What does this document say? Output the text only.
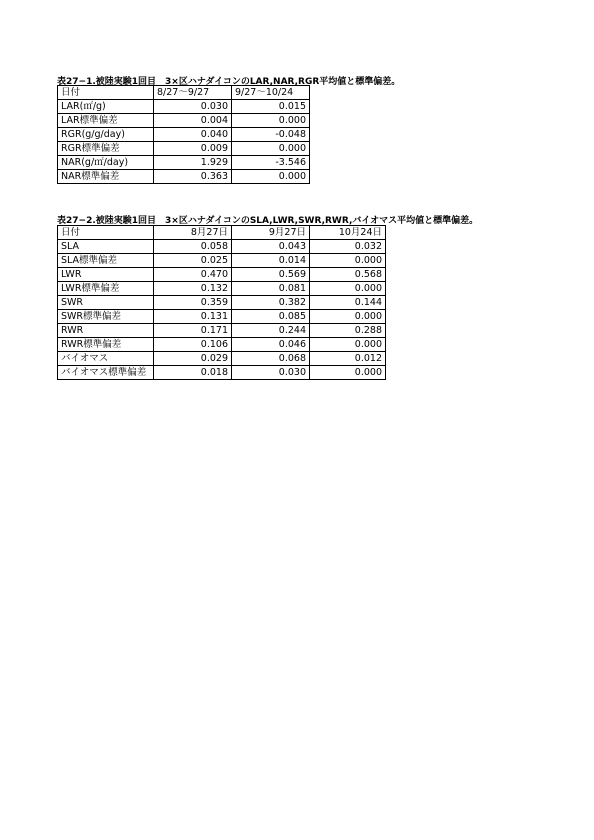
表27−1.被陸実験1回目　3×区ハナダイコンのLAR,NAR,RGR平均値と標準偏差。
日付	8/27～9/27	9/27～10/24
LAR(㎡/g)	0.030	0.015
LAR標準偏差	0.004	0.000
RGR(g/g/day)	0.040	-0.048
RGR標準偏差	0.009	0.000
NAR(g/㎡/day)	1.929	-3.546
NAR標準偏差	0.363	0.000
表27−2.被陸実験1回目　3×区ハナダイコンのSLA,LWR,SWR,RWR,バイオマス平均値と標準偏差。
日付	8月27日	9月27日	10月24日
SLA	0.058	0.043	0.032
SLA標準偏差	0.025	0.014	0.000
LWR	0.470	0.569	0.568
LWR標準偏差	0.132	0.081	0.000
SWR	0.359	0.382	0.144
SWR標準偏差	0.131	0.085	0.000
RWR	0.171	0.244	0.288
RWR標準偏差	0.106	0.046	0.000
バイオマス	0.029	0.068	0.012
バイオマス標準偏差	0.018	0.030	0.000
